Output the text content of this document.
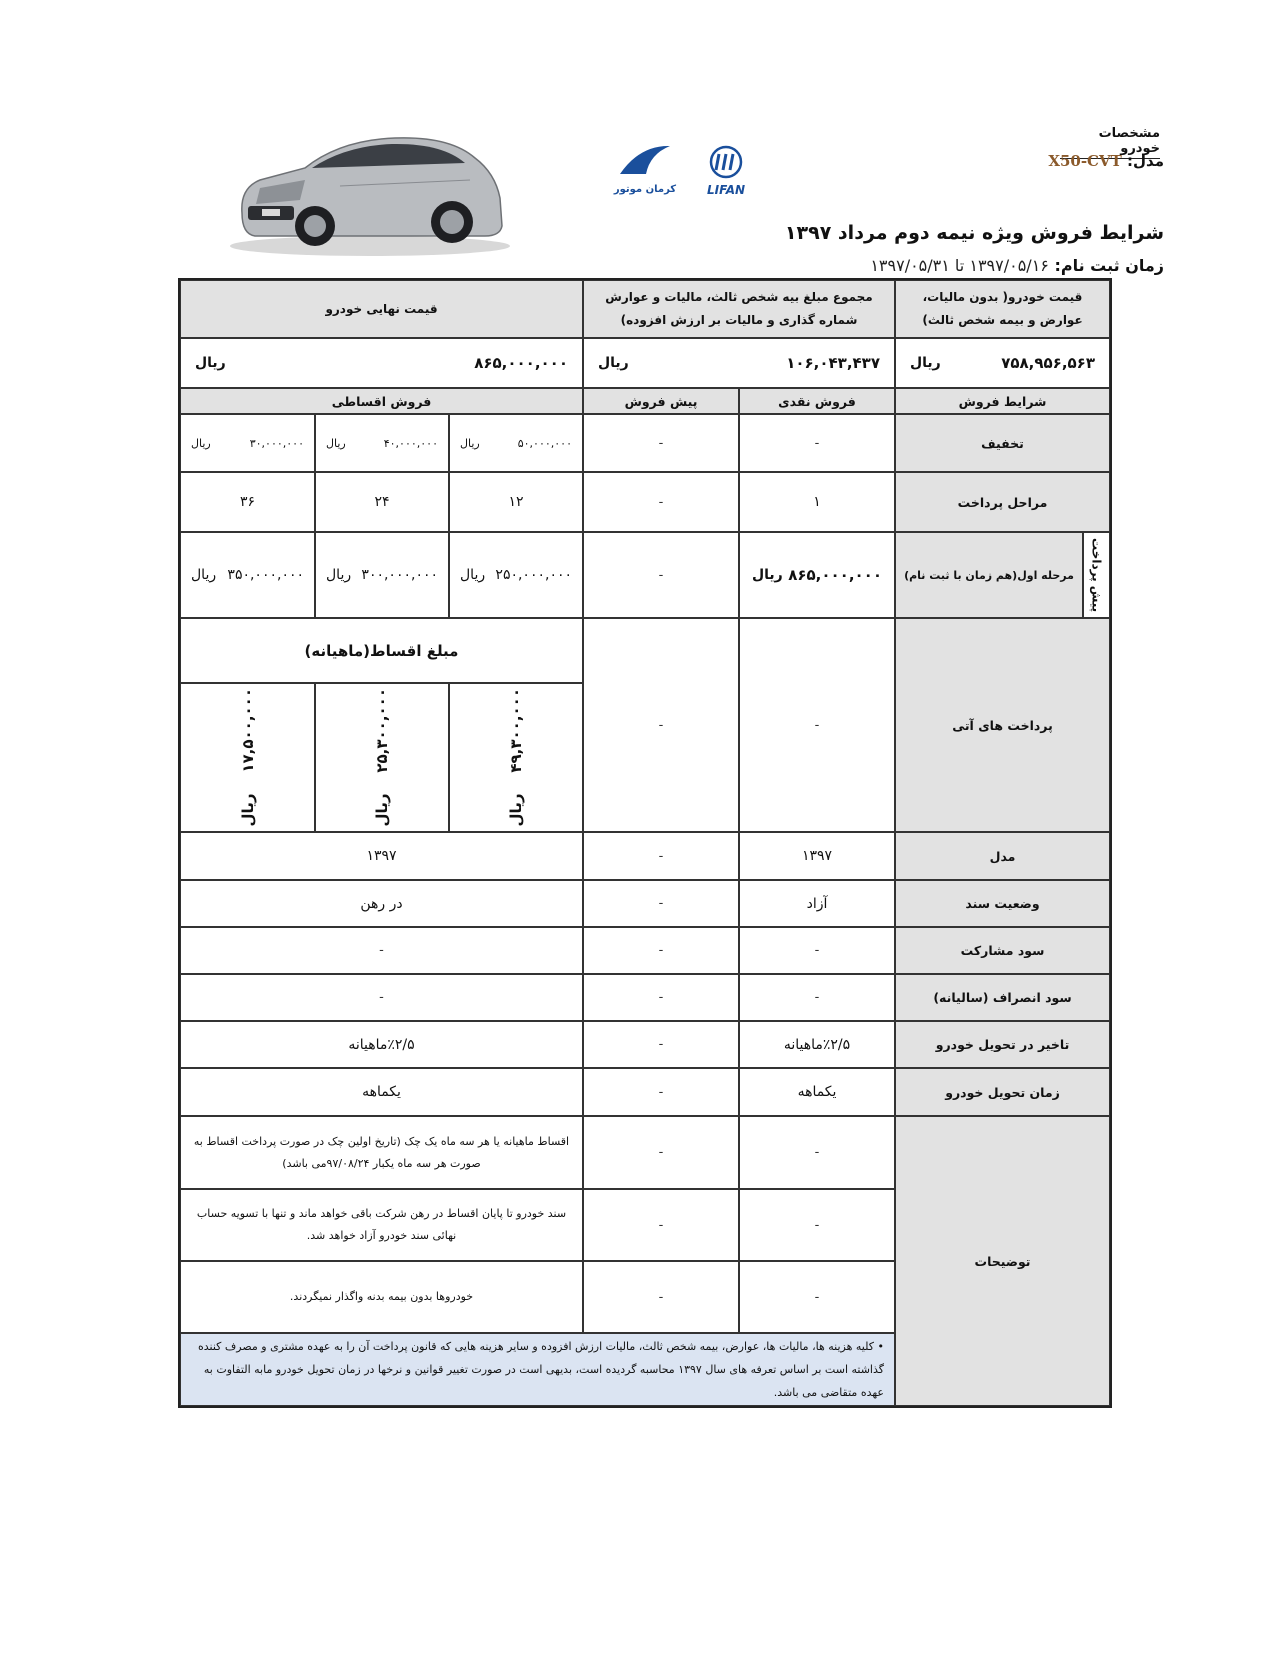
مشخصات خودرو
مدل: X50-CVT
شرایط فروش ویژه نیمه دوم مرداد ۱۳۹۷
زمان ثبت نام: ۱۳۹۷/۰۵/۱۶ تا ۱۳۹۷/۰۵/۳۱
کرمان موتور	LIFAN
قیمت خودرو( بدون مالیات، عوارض و بیمه شخص ثالث)
مجموع مبلغ بیه شخص ثالث، مالیات و عوارش شماره گذاری و مالیات بر ارزش افزوده)
قیمت نهایی خودرو
۷۵۸,۹۵۶,۵۶۳
ریال
۱۰۶,۰۴۳,۴۳۷
ریال
۸۶۵,۰۰۰,۰۰۰
ریال
شرایط فروش
فروش نقدی
پیش فروش
فروش اقساطی
تخفیف
-
-
۵۰,۰۰۰,۰۰۰
ریال
۴۰,۰۰۰,۰۰۰
ریال
۳۰,۰۰۰,۰۰۰
ریال
مراحل پرداخت
۱
-
۱۲
۲۴
۳۶
پیش پرداخت
مرحله اول(هم زمان با ثبت نام)
۸۶۵,۰۰۰,۰۰۰
ریال
-
۲۵۰,۰۰۰,۰۰۰
ریال
۳۰۰,۰۰۰,۰۰۰
ریال
۳۵۰,۰۰۰,۰۰۰
ریال
پرداخت های آتی
-
-
مبلغ اقساط(ماهیانه)
۴۹,۳۰۰,۰۰۰    ریال
۲۵,۳۰۰,۰۰۰    ریال
۱۷,۵۰۰,۰۰۰    ریال
مدل
۱۳۹۷
-
۱۳۹۷
وضعیت سند
آزاد
-
در رهن
سود مشارکت
-
-
-
سود انصراف (سالیانه)
-
-
-
تاخیر در تحویل خودرو
٪۲/۵ماهیانه
-
٪۲/۵ماهیانه
زمان تحویل خودرو
یکماهه
-
یکماهه
توضیحات
-
-
اقساط ماهیانه یا هر سه ماه یک چک (تاریخ اولین چک در صورت پرداخت اقساط به صورت هر سه ماه یکبار ۹۷/۰۸/۲۴می باشد)
-
-
سند خودرو تا پایان اقساط در رهن شرکت باقی خواهد ماند و تنها با تسویه حساب نهائی سند خودرو آزاد خواهد شد.
-
-
خودروها بدون بیمه بدنه واگذار نمیگردند.
• کلیه هزینه ها، مالیات ها، عوارض، بیمه شخص ثالث، مالیات ارزش افزوده و سایر هزینه هایی که قانون پرداخت آن را به عهده مشتری و مصرف کننده گذاشته است بر اساس تعرفه های سال ۱۳۹۷ محاسبه گردیده است، بدیهی است در صورت تغییر قوانین و نرخها در زمان تحویل خودرو مابه التفاوت به عهده متقاضی می باشد.
